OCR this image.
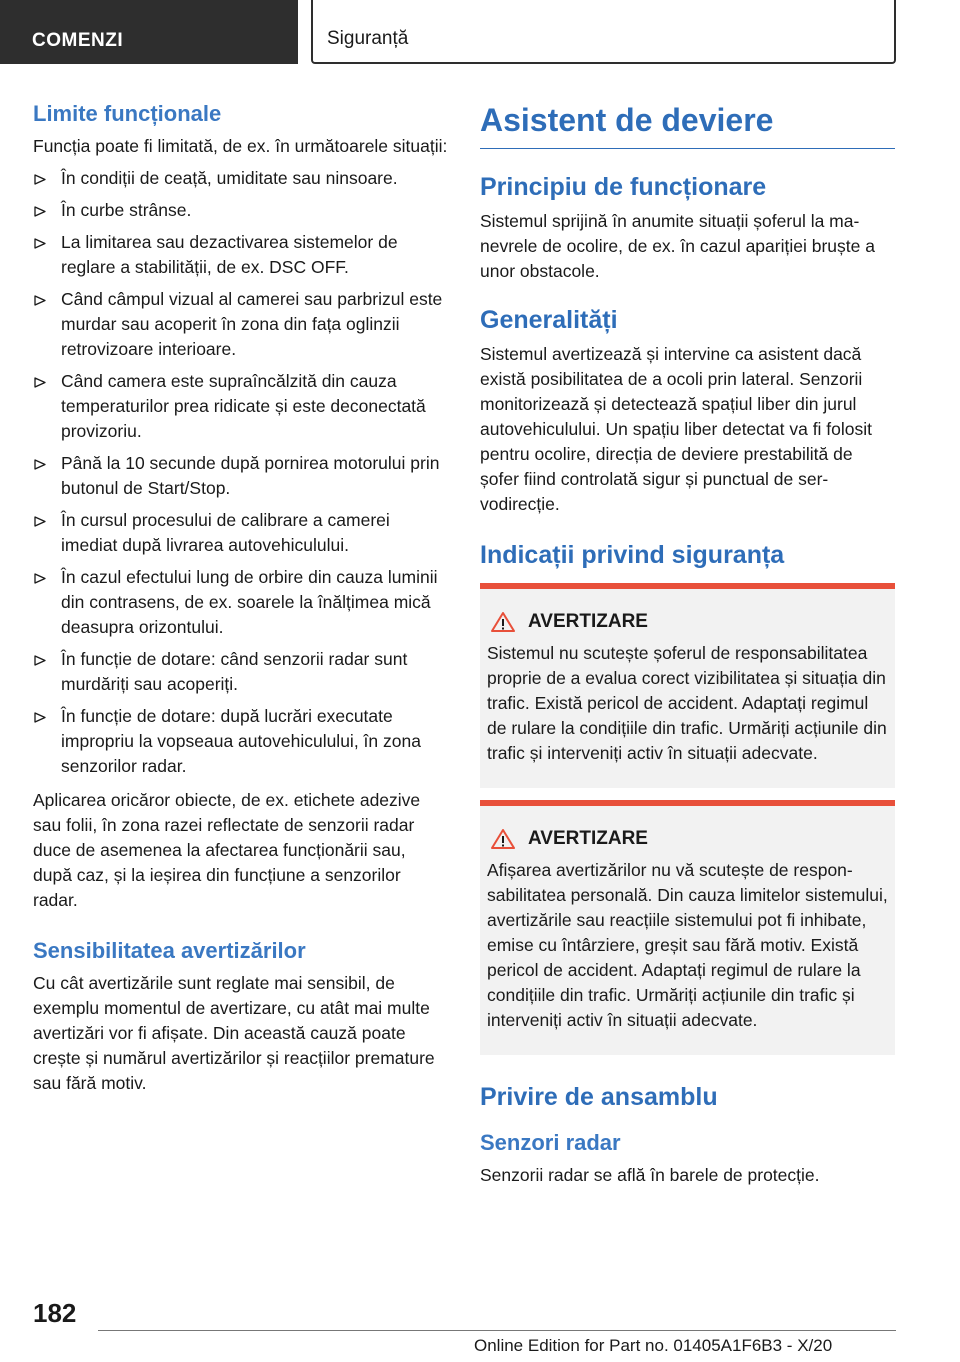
COMENZI	Siguranță
Limite funcționale

Funcția poate fi limitată, de ex. în următoarele situații:

În condiții de ceață, umiditate sau ninsoare.
În curbe strânse.
La limitarea sau dezactivarea sistemelor de reglare a stabilității, de ex. DSC OFF.
Când câmpul vizual al camerei sau parbrizul este murdar sau acoperit în zona din fața oglinzii retrovizoare interioare.
Când camera este supraîncălzită din cauza temperaturilor prea ridicate și este deconectată provizoriu.
Până la 10 secunde după pornirea motorului prin butonul de Start/Stop.
În cursul procesului de calibrare a camerei imediat după livrarea autovehiculului.
În cazul efectului lung de orbire din cauza luminii din contrasens, de ex. soarele la înălțimea mică deasupra orizontului.
În funcție de dotare: când senzorii radar sunt murdăriți sau acoperiți.
În funcție de dotare: după lucrări executate impropriu la vopseaua autovehiculului, în zona senzorilor radar.

Aplicarea oricăror obiecte, de ex. etichete adezive sau folii, în zona razei reflectate de senzorii radar duce de asemenea la afectarea funcționării sau, după caz, și la ieșirea din funcțiune a senzorilor radar.

Sensibilitatea avertizărilor

Cu cât avertizările sunt reglate mai sensibil, de exemplu momentul de avertizare, cu atât mai multe avertizări vor fi afișate. Din această cauză poate crește și numărul avertizărilor și reacțiilor premature sau fără motiv.

Asistent de deviere
Principiu de funcționare

Sistemul sprijină în anumite situații șoferul la manevrele de ocolire, de ex. în cazul apariției bruște a unor obstacole.

Generalități

Sistemul avertizează și intervine ca asistent dacă există posibilitatea de a ocoli prin lateral. Senzorii monitorizează și detectează spațiul liber din jurul autovehiculului. Un spațiu liber detectat va fi folosit pentru ocolire, direcția de deviere prestabilită de șofer fiind controlată sigur și punctual de servodirecție.

Indicații privind siguranța
AVERTIZARE

Sistemul nu scutește șoferul de responsabilitatea proprie de a evalua corect vizibilitatea și situația din trafic. Există pericol de accident. Adaptați regimul de rulare la condițiile din trafic. Urmăriți acțiunile din trafic și interveniți activ în situații adecvate.

AVERTIZARE

Afișarea avertizărilor nu vă scutește de responsabilitatea personală. Din cauza limitelor sistemului, avertizările sau reacțiile sistemului pot fi inhibate, emise cu întârziere, greșit sau fără motiv. Există pericol de accident. Adaptați regimul de rulare la condițiile din trafic. Urmăriți acțiunile din trafic și interveniți activ în situații adecvate.

Privire de ansamblu
Senzori radar

Senzorii radar se află în barele de protecție.

182
Online Edition for Part no. 01405A1F6B3 - X/20
